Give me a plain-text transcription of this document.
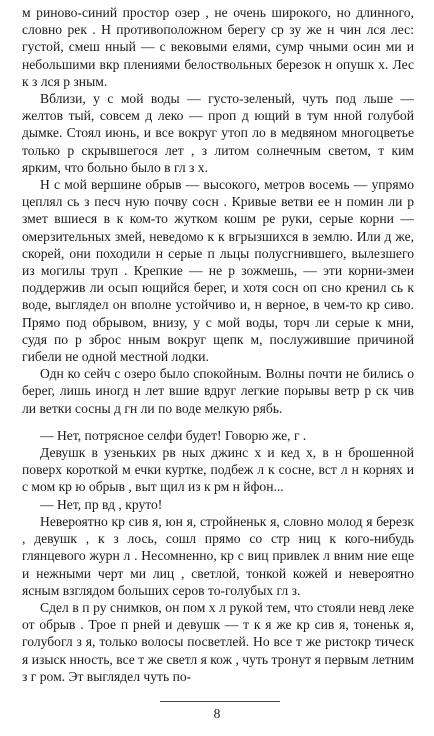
м риново-синий простор озер , не очень широкого, но длинного, словно рек . Н противоположном берегу ср зу же н чин лся лес: густой, смеш нный — с вековыми елями, сумр чными осин ми и небольшими вкр плениями белоствольных березок н опушк х. Лес к з лся р зным.

Вблизи, у с мой воды — густо-зеленый, чуть под льше — желтов тый, совсем д леко — проп д ющий в тум нной голубой дымке. Стоял июнь, и все вокруг утоп ло в медвяном многоцветье только р скрывшегося лет , з литом солнечным светом, т ким ярким, что больно было в гл з х.

Н с мой вершине обрыв — высокого, метров восемь — упрямо цеплял сь з песч ную почву сосн . Кривые ветви ее н помин ли р змет вшиеся в к ком-то жутком кошм ре руки, серые корни — омерзительных змей, неведомо к к вгрызшихся в землю. Или д же, скорей, они походили н серые п льцы полусгнившего, вылезшего из могилы труп . Крепкие — не р зожмешь, — эти корни-змеи поддержив ли осып ющийся берег, и хотя сосн оп сно кренил сь к воде, выглядел он вполне устойчиво и, н верное, в чем-то кр сиво. Прямо под обрывом, внизу, у с мой воды, торч ли серые к мни, судя по р зброс нным вокруг щепк м, послужившие причиной гибели не одной местной лодки.

Одн ко сейч с озеро было спокойным. Волны почти не бились о берег, лишь иногд н лет вшие вдруг легкие порывы ветр р ск чив ли ветки сосны д гн ли по воде мелкую рябь.

— Нет, потрясное селфи будет! Говорю же, г .

Девушк в узеньких рв ных джинс х и кед х, в н брошенной поверх короткой м ечки куртке, подбеж л к сосне, вст л н корнях и с мом кр ю обрыв , выт щил из к рм н йфон...

— Нет, пр вд , круто!

Невероятно кр сив я, юн я, стройненьк я, словно молод я березк , девушк , к з лось, сошл прямо со стр ниц к кого-нибудь глянцевого журн л . Несомненно, кр с виц привлек л вним ние еще и нежными черт ми лиц , светлой, тонкой кожей и невероятно ясным взглядом больших серов то-голубых гл з.

Сдел в п ру снимков, он пом х л рукой тем, что стояли невд леке от обрыв . Трое п рней и девушк — т к я же кр сив я, тоненьк я, голубогл з я, только волосы посветлей. Но все т же ристокр тическ я изыск нность, все т же светл я кож , чуть тронут я первым летним з г ром. Эт выглядел чуть по-

8
